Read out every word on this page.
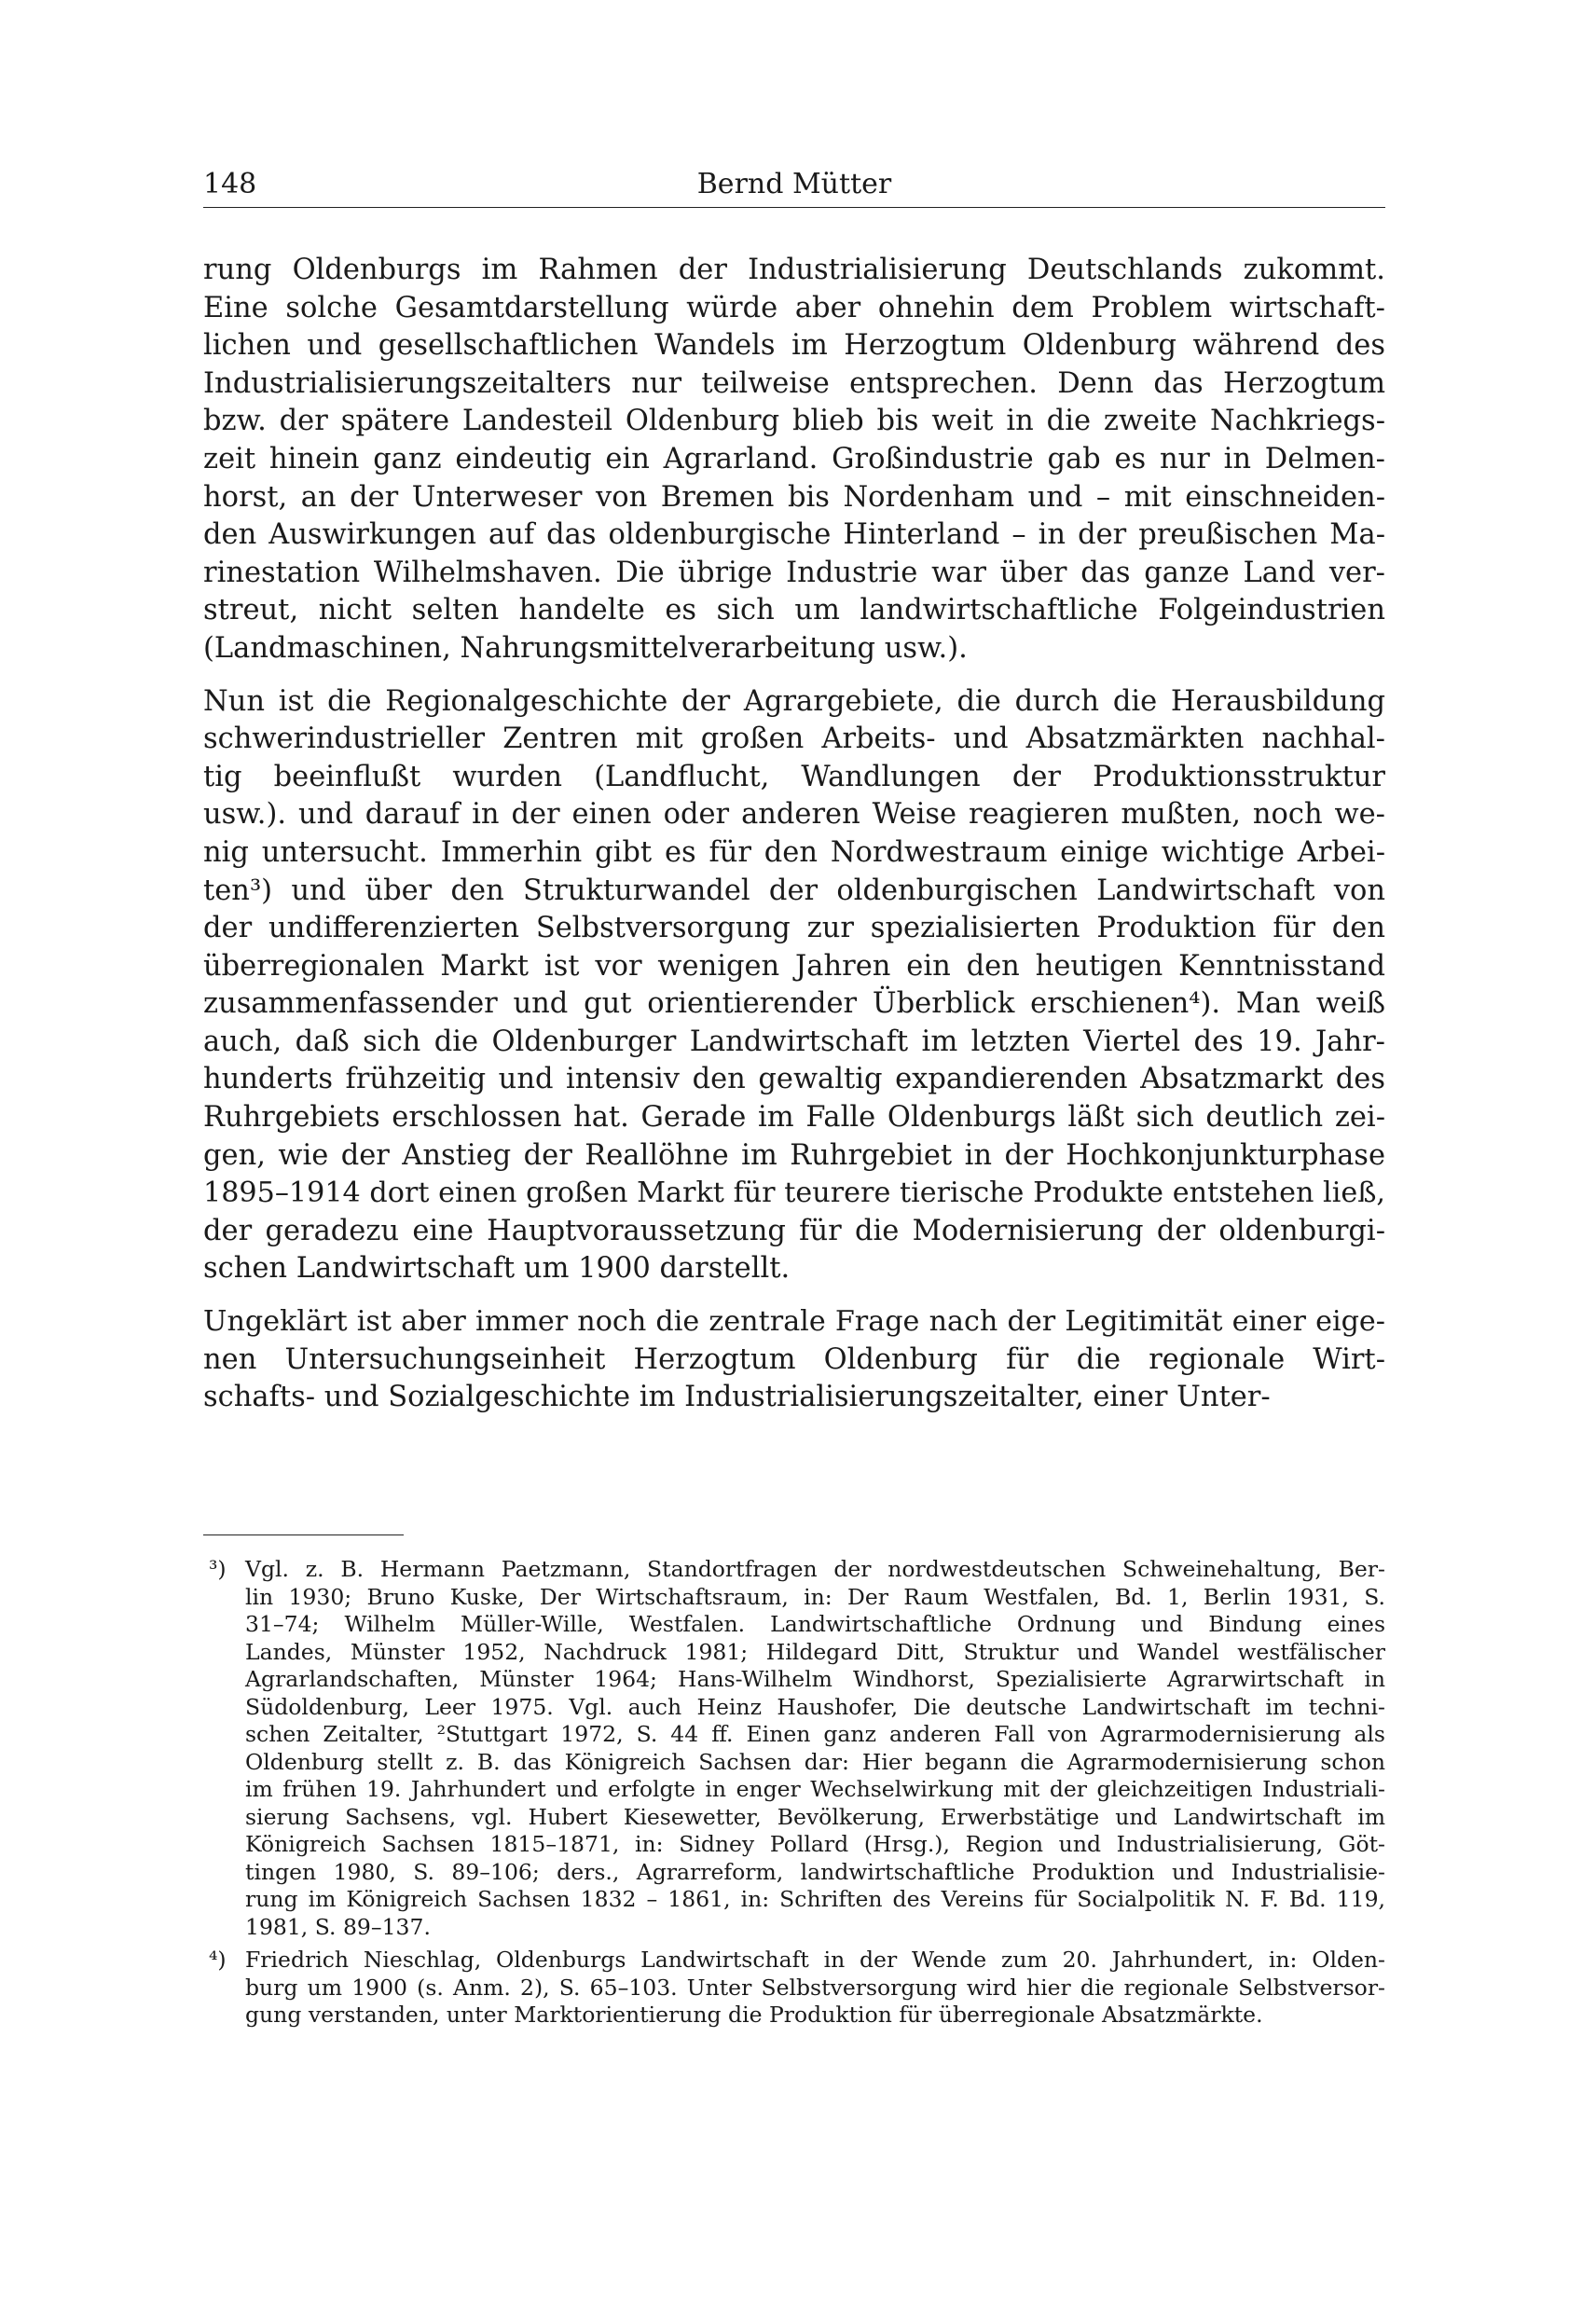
148	Bernd Mütter

rung Oldenburgs im Rahmen der Industrialisierung Deutschlands zukommt.
Eine solche Gesamtdarstellung würde aber ohnehin dem Problem wirtschaft-
lichen und gesellschaftlichen Wandels im Herzogtum Oldenburg während des
Industrialisierungszeitalters nur teilweise entsprechen. Denn das Herzogtum
bzw. der spätere Landesteil Oldenburg blieb bis weit in die zweite Nachkriegs-
zeit hinein ganz eindeutig ein Agrarland. Großindustrie gab es nur in Delmen-
horst, an der Unterweser von Bremen bis Nordenham und – mit einschneiden-
den Auswirkungen auf das oldenburgische Hinterland – in der preußischen Ma-
rinestation Wilhelmshaven. Die übrige Industrie war über das ganze Land ver-
streut, nicht selten handelte es sich um landwirtschaftliche Folgeindustrien
(Landmaschinen, Nahrungsmittelverarbeitung usw.).

Nun ist die Regionalgeschichte der Agrargebiete, die durch die Herausbildung
schwerindustrieller Zentren mit großen Arbeits- und Absatzmärkten nachhal-
tig beeinflußt wurden (Landflucht, Wandlungen der Produktionsstruktur
usw.). und darauf in der einen oder anderen Weise reagieren mußten, noch we-
nig untersucht. Immerhin gibt es für den Nordwestraum einige wichtige Arbei-
ten³) und über den Strukturwandel der oldenburgischen Landwirtschaft von
der undifferenzierten Selbstversorgung zur spezialisierten Produktion für den
überregionalen Markt ist vor wenigen Jahren ein den heutigen Kenntnisstand
zusammenfassender und gut orientierender Überblick erschienen⁴). Man weiß
auch, daß sich die Oldenburger Landwirtschaft im letzten Viertel des 19. Jahr-
hunderts frühzeitig und intensiv den gewaltig expandierenden Absatzmarkt des
Ruhrgebiets erschlossen hat. Gerade im Falle Oldenburgs läßt sich deutlich zei-
gen, wie der Anstieg der Reallöhne im Ruhrgebiet in der Hochkonjunkturphase
1895–1914 dort einen großen Markt für teurere tierische Produkte entstehen ließ,
der geradezu eine Hauptvoraussetzung für die Modernisierung der oldenburgi-
schen Landwirtschaft um 1900 darstellt.

Ungeklärt ist aber immer noch die zentrale Frage nach der Legitimität einer eige-
nen Untersuchungseinheit Herzogtum Oldenburg für die regionale Wirt-
schafts- und Sozialgeschichte im Industrialisierungszeitalter, einer Unter-

³) Vgl. z. B. Hermann Paetzmann, Standortfragen der nordwestdeutschen Schweinehaltung, Ber-
lin 1930; Bruno Kuske, Der Wirtschaftsraum, in: Der Raum Westfalen, Bd. 1, Berlin 1931, S.
31–74; Wilhelm Müller-Wille, Westfalen. Landwirtschaftliche Ordnung und Bindung eines
Landes, Münster 1952, Nachdruck 1981; Hildegard Ditt, Struktur und Wandel westfälischer
Agrarlandschaften, Münster 1964; Hans-Wilhelm Windhorst, Spezialisierte Agrarwirtschaft in
Südoldenburg, Leer 1975. Vgl. auch Heinz Haushofer, Die deutsche Landwirtschaft im techni-
schen Zeitalter, ²Stuttgart 1972, S. 44 ff. Einen ganz anderen Fall von Agrarmodernisierung als
Oldenburg stellt z. B. das Königreich Sachsen dar: Hier begann die Agrarmodernisierung schon
im frühen 19. Jahrhundert und erfolgte in enger Wechselwirkung mit der gleichzeitigen Industriali-
sierung Sachsens, vgl. Hubert Kiesewetter, Bevölkerung, Erwerbstätige und Landwirtschaft im
Königreich Sachsen 1815–1871, in: Sidney Pollard (Hrsg.), Region und Industrialisierung, Göt-
tingen 1980, S. 89–106; ders., Agrarreform, landwirtschaftliche Produktion und Industrialisie-
rung im Königreich Sachsen 1832 – 1861, in: Schriften des Vereins für Socialpolitik N. F. Bd. 119,
1981, S. 89–137.
⁴) Friedrich Nieschlag, Oldenburgs Landwirtschaft in der Wende zum 20. Jahrhundert, in: Olden-
burg um 1900 (s. Anm. 2), S. 65–103. Unter Selbstversorgung wird hier die regionale Selbstversor-
gung verstanden, unter Marktorientierung die Produktion für überregionale Absatzmärkte.
